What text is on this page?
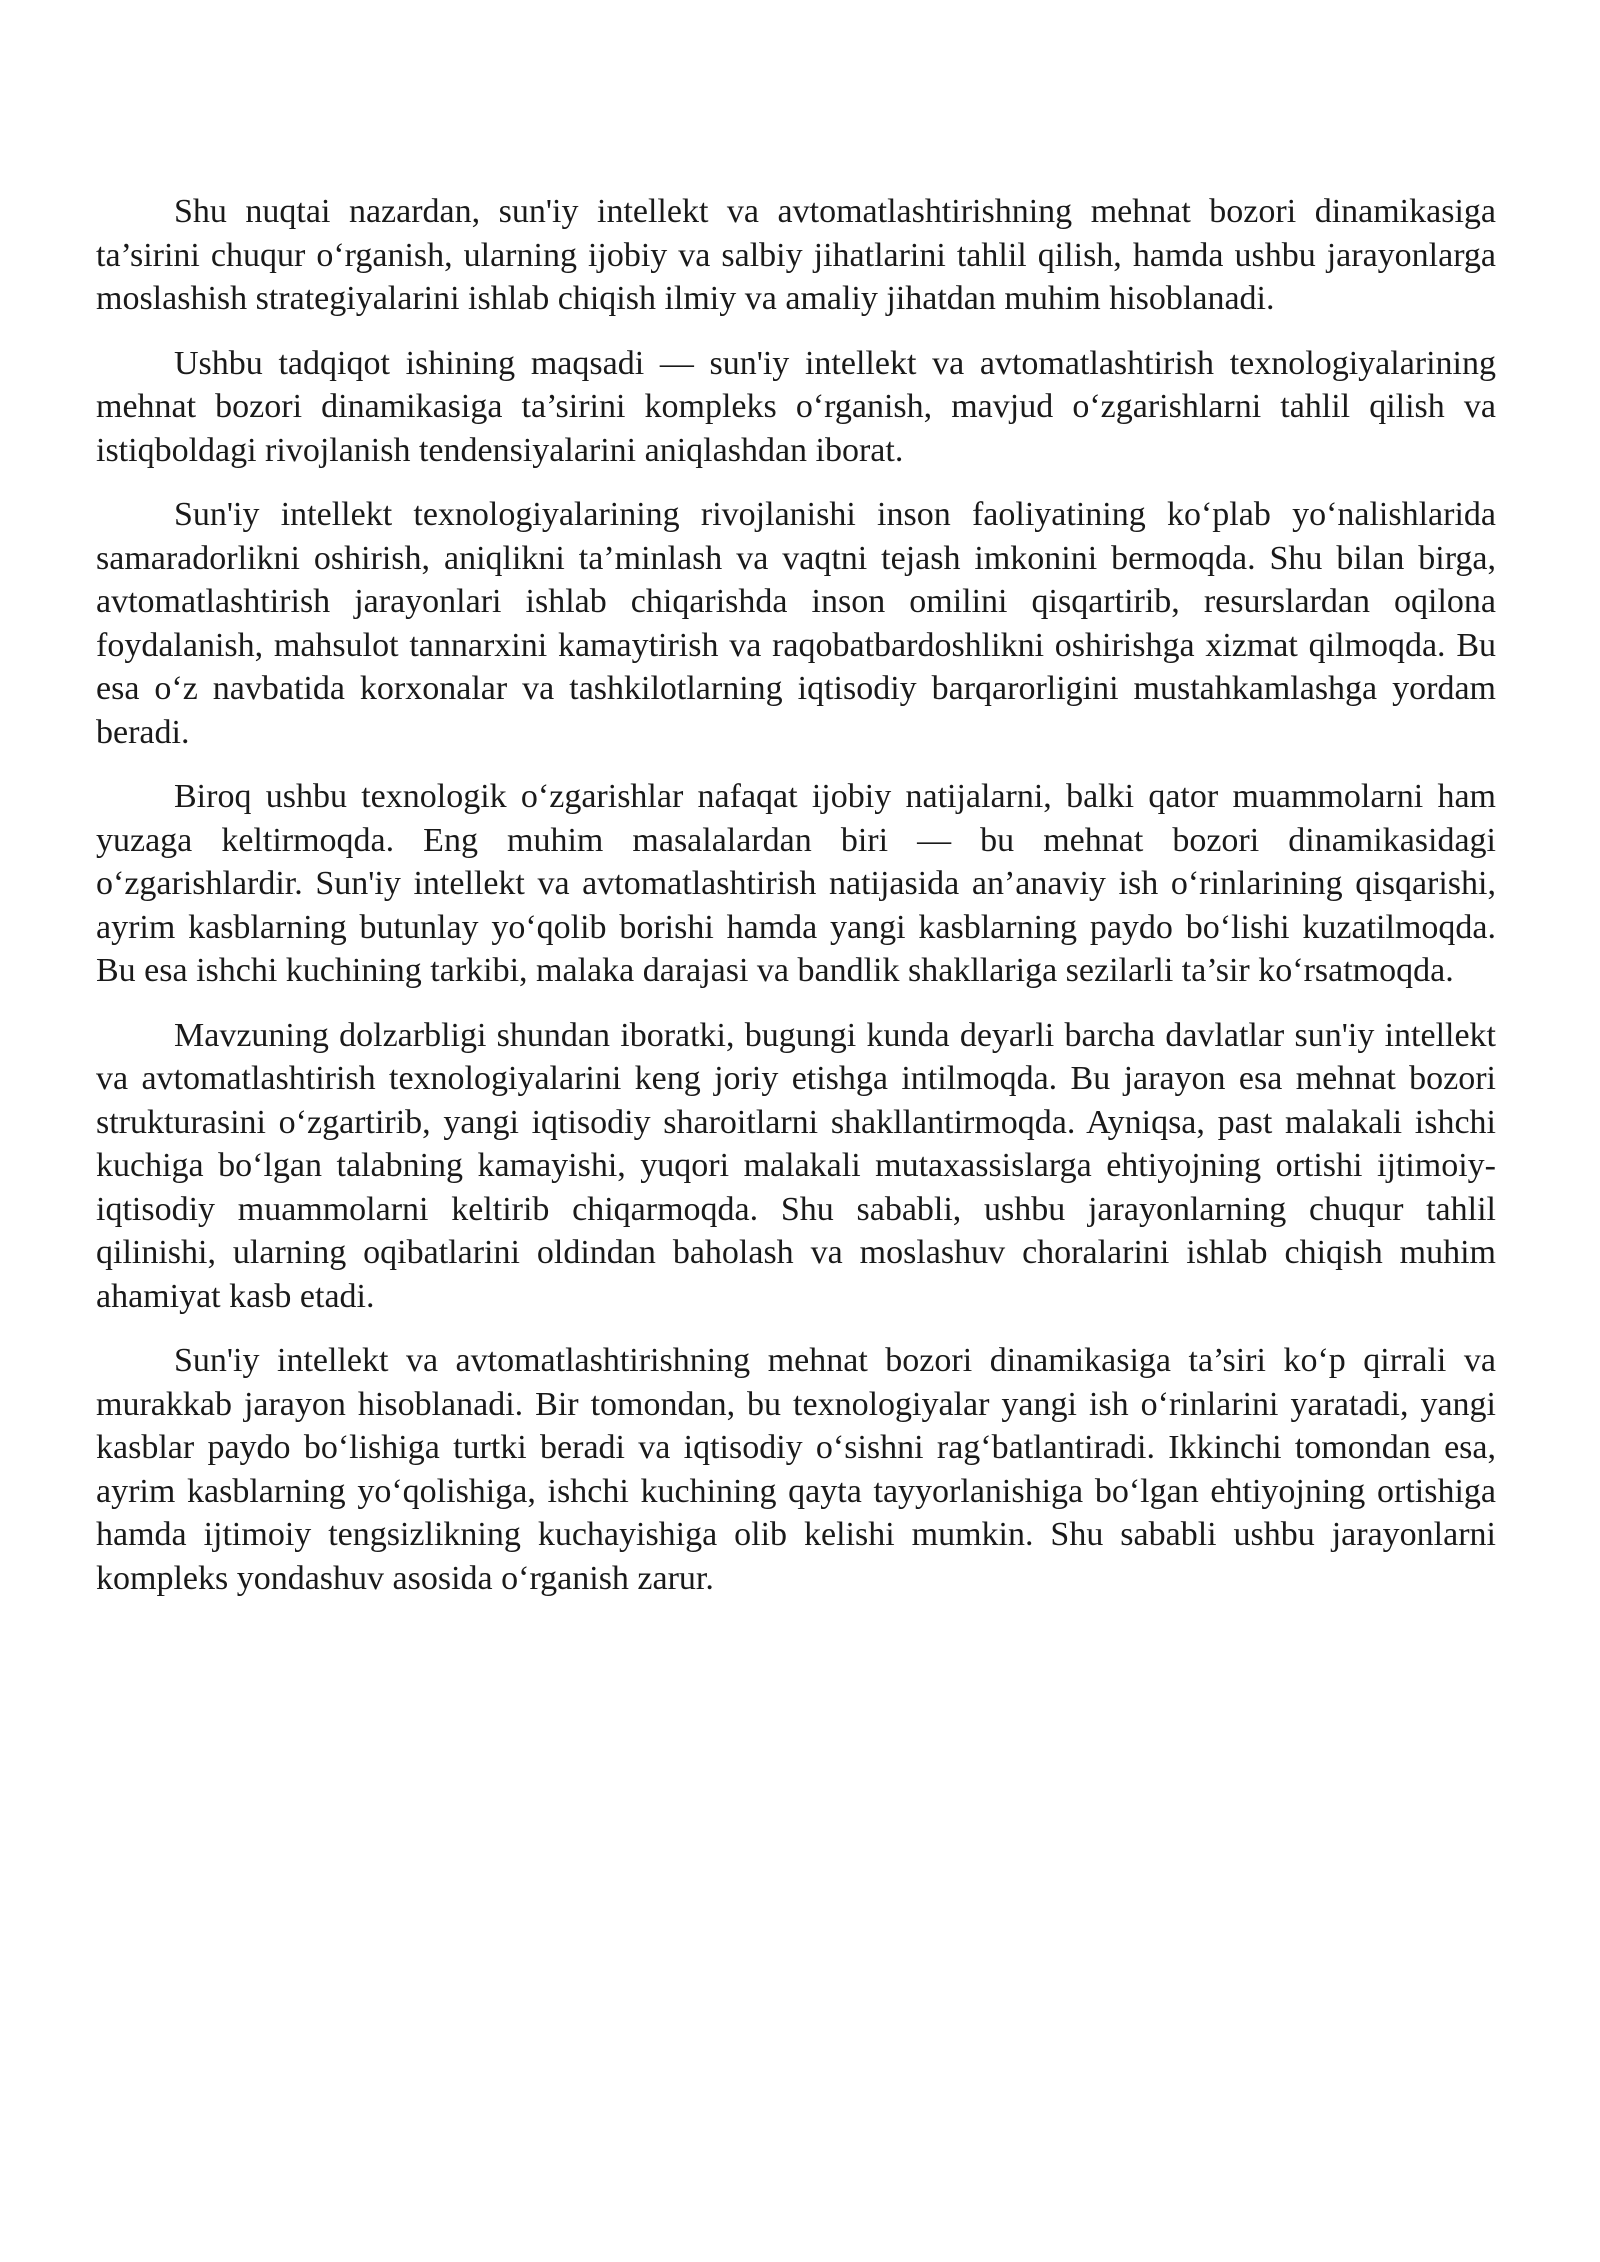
Shu nuqtai nazardan, sun'iy intellekt va avtomatlashtirishning mehnat bozori dinamikasiga ta’sirini chuqur o‘rganish, ularning ijobiy va salbiy jihatlarini tahlil qilish, hamda ushbu jarayonlarga moslashish strategiyalarini ishlab chiqish ilmiy va amaliy jihatdan muhim hisoblanadi.

Ushbu tadqiqot ishining maqsadi — sun'iy intellekt va avtomatlashtirish texnologiyalarining mehnat bozori dinamikasiga ta’sirini kompleks o‘rganish, mavjud o‘zgarishlarni tahlil qilish va istiqboldagi rivojlanish tendensiyalarini aniqlashdan iborat.

Sun'iy intellekt texnologiyalarining rivojlanishi inson faoliyatining ko‘plab yo‘nalishlarida samaradorlikni oshirish, aniqlikni ta’minlash va vaqtni tejash imkonini bermoqda. Shu bilan birga, avtomatlashtirish jarayonlari ishlab chiqarishda inson omilini qisqartirib, resurslardan oqilona foydalanish, mahsulot tannarxini kamaytirish va raqobatbardoshlikni oshirishga xizmat qilmoqda. Bu esa o‘z navbatida korxonalar va tashkilotlarning iqtisodiy barqarorligini mustahkamlashga yordam beradi.

Biroq ushbu texnologik o‘zgarishlar nafaqat ijobiy natijalarni, balki qator muammolarni ham yuzaga keltirmoqda. Eng muhim masalalardan biri — bu mehnat bozori dinamikasidagi o‘zgarishlardir. Sun'iy intellekt va avtomatlashtirish natijasida an’anaviy ish o‘rinlarining qisqarishi, ayrim kasblarning butunlay yo‘qolib borishi hamda yangi kasblarning paydo bo‘lishi kuzatilmoqda. Bu esa ishchi kuchining tarkibi, malaka darajasi va bandlik shakllariga sezilarli ta’sir ko‘rsatmoqda.

Mavzuning dolzarbligi shundan iboratki, bugungi kunda deyarli barcha davlatlar sun'iy intellekt va avtomatlashtirish texnologiyalarini keng joriy etishga intilmoqda. Bu jarayon esa mehnat bozori strukturasini o‘zgartirib, yangi iqtisodiy sharoitlarni shakllantirmoqda. Ayniqsa, past malakali ishchi kuchiga bo‘lgan talabning kamayishi, yuqori malakali mutaxassislarga ehtiyojning ortishi ijtimoiy-iqtisodiy muammolarni keltirib chiqarmoqda. Shu sababli, ushbu jarayonlarning chuqur tahlil qilinishi, ularning oqibatlarini oldindan baholash va moslashuv choralarini ishlab chiqish muhim ahamiyat kasb etadi.

Sun'iy intellekt va avtomatlashtirishning mehnat bozori dinamikasiga ta’siri ko‘p qirrali va murakkab jarayon hisoblanadi. Bir tomondan, bu texnologiyalar yangi ish o‘rinlarini yaratadi, yangi kasblar paydo bo‘lishiga turtki beradi va iqtisodiy o‘sishni rag‘batlantiradi. Ikkinchi tomondan esa, ayrim kasblarning yo‘qolishiga, ishchi kuchining qayta tayyorlanishiga bo‘lgan ehtiyojning ortishiga hamda ijtimoiy tengsizlikning kuchayishiga olib kelishi mumkin. Shu sababli ushbu jarayonlarni kompleks yondashuv asosida o‘rganish zarur.
